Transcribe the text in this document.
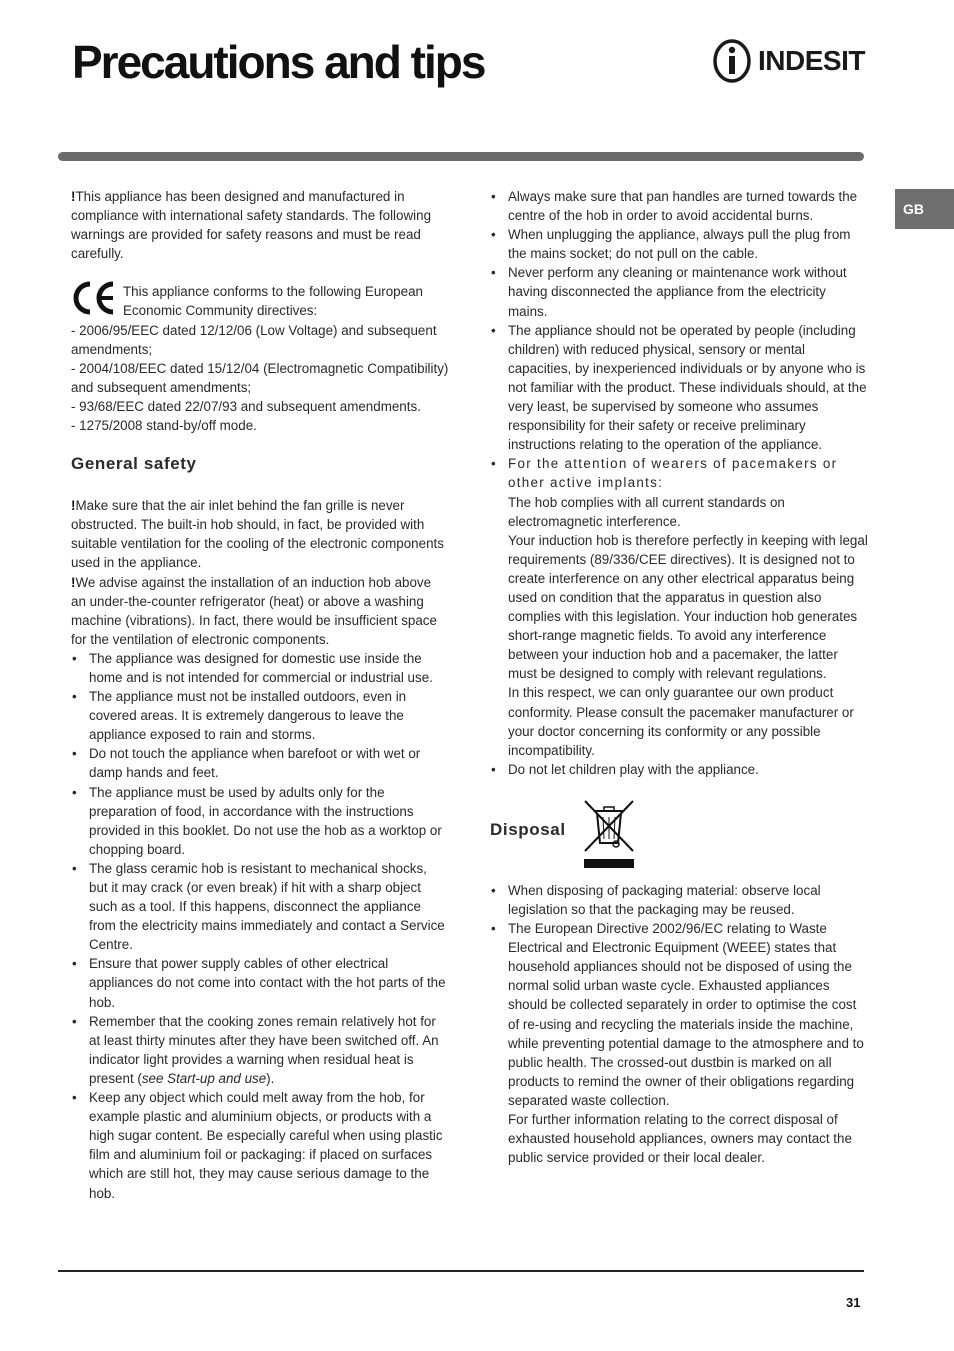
Precautions and tips	INDESIT
GB

!This appliance has been designed and manufactured in compliance with international safety standards. The following warnings are provided for safety reasons and must be read carefully.

This appliance conforms to the following European Economic Community directives:

- 2006/95/EEC dated 12/12/06 (Low Voltage) and subsequent amendments;

- 2004/108/EEC dated 15/12/04 (Electromagnetic Compatibility) and subsequent amendments;

- 93/68/EEC dated 22/07/93 and subsequent amendments.

- 1275/2008 stand-by/off mode.

General safety

!Make sure that the air inlet behind the fan grille is never obstructed. The built-in hob should, in fact, be provided with suitable ventilation for the cooling of the electronic components used in the appliance.

!We advise against the installation of an induction hob above an under-the-counter refrigerator (heat) or above a washing machine (vibrations). In fact, there would be insufficient space for the ventilation of electronic components.

• The appliance was designed for domestic use inside the home and is not intended for commercial or industrial use.
• The appliance must not be installed outdoors, even in covered areas. It is extremely dangerous to leave the appliance exposed to rain and storms.
• Do not touch the appliance when barefoot or with wet or damp hands and feet.
• The appliance must be used by adults only for the preparation of food, in accordance with the instructions provided in this booklet. Do not use the hob as a worktop or chopping board.
• The glass ceramic hob is resistant to mechanical shocks, but it may crack (or even break) if hit with a sharp object such as a tool. If this happens, disconnect the appliance from the electricity mains immediately and contact a Service Centre.
• Ensure that power supply cables of other electrical appliances do not come into contact with the hot parts of the hob.
• Remember that the cooking zones remain relatively hot for at least thirty minutes after they have been switched off. An indicator light provides a warning when residual heat is present (see Start-up and use).
• Keep any object which could melt away from the hob, for example plastic and aluminium objects, or products with a high sugar content. Be especially careful when using plastic film and aluminium foil or packaging: if placed on surfaces which are still hot, they may cause serious damage to the hob.
• Always make sure that pan handles are turned towards the centre of the hob in order to avoid accidental burns.
• When unplugging the appliance, always pull the plug from the mains socket; do not pull on the cable.
• Never perform any cleaning or maintenance work without having disconnected the appliance from the electricity mains.
• The appliance should not be operated by people (including children) with reduced physical, sensory or mental capacities, by inexperienced individuals or by anyone who is not familiar with the product. These individuals should, at the very least, be supervised by someone who assumes responsibility for their safety or receive preliminary instructions relating to the operation of the appliance.

• For the attention of wearers of pacemakers or other active implants:

The hob complies with all current standards on electromagnetic interference.

Your induction hob is therefore perfectly in keeping with legal requirements (89/336/CEE directives). It is designed not to create interference on any other electrical apparatus being used on condition that the apparatus in question also complies with this legislation. Your induction hob generates short-range magnetic fields. To avoid any interference between your induction hob and a pacemaker, the latter must be designed to comply with relevant regulations.

In this respect, we can only guarantee our own product conformity. Please consult the pacemaker manufacturer or your doctor concerning its conformity or any possible incompatibility.

• Do not let children play with the appliance.
Disposal
• When disposing of packaging material: observe local legislation so that the packaging may be reused.

• The European Directive 2002/96/EC relating to Waste Electrical and Electronic Equipment (WEEE) states that household appliances should not be disposed of using the normal solid urban waste cycle. Exhausted appliances should be collected separately in order to optimise the cost of re-using and recycling the materials inside the machine, while preventing potential damage to the atmosphere and to public health. The crossed-out dustbin is marked on all products to remind the owner of their obligations regarding separated waste collection.

For further information relating to the correct disposal of exhausted household appliances, owners may contact the public service provided or their local dealer.

31
